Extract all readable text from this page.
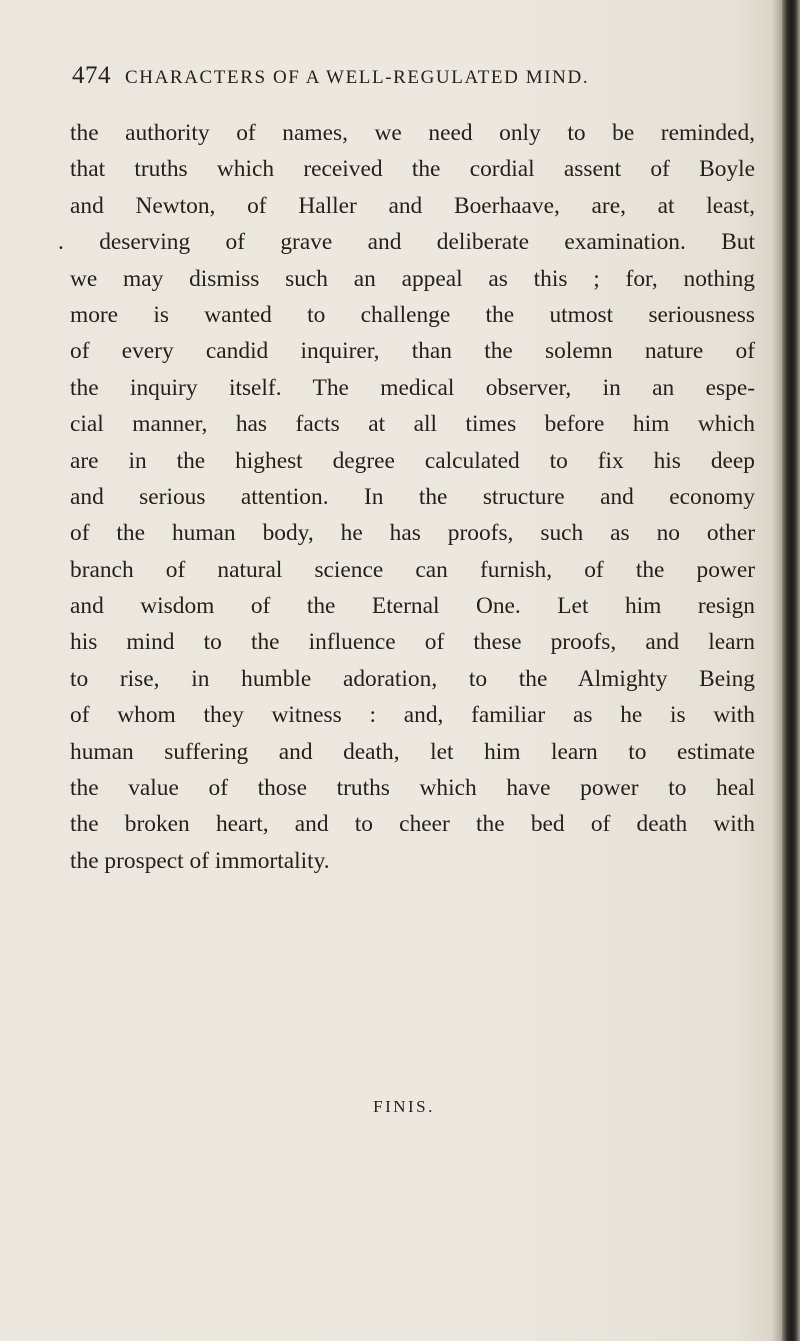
474 CHARACTERS OF A WELL-REGULATED MIND.
the authority of names, we need only to be reminded,
that truths which received the cordial assent of Boyle
and Newton, of Haller and Boerhaave, are, at least,
. deserving of grave and deliberate examination. But
we may dismiss such an appeal as this ; for, nothing
more is wanted to challenge the utmost seriousness
of every candid inquirer, than the solemn nature of
the inquiry itself. The medical observer, in an espe-
cial manner, has facts at all times before him which
are in the highest degree calculated to fix his deep
and serious attention. In the structure and economy
of the human body, he has proofs, such as no other
branch of natural science can furnish, of the power
and wisdom of the Eternal One. Let him resign
his mind to the influence of these proofs, and learn
to rise, in humble adoration, to the Almighty Being
of whom they witness : and, familiar as he is with
human suffering and death, let him learn to estimate
the value of those truths which have power to heal
the broken heart, and to cheer the bed of death with
the prospect of immortality.
FINIS.
